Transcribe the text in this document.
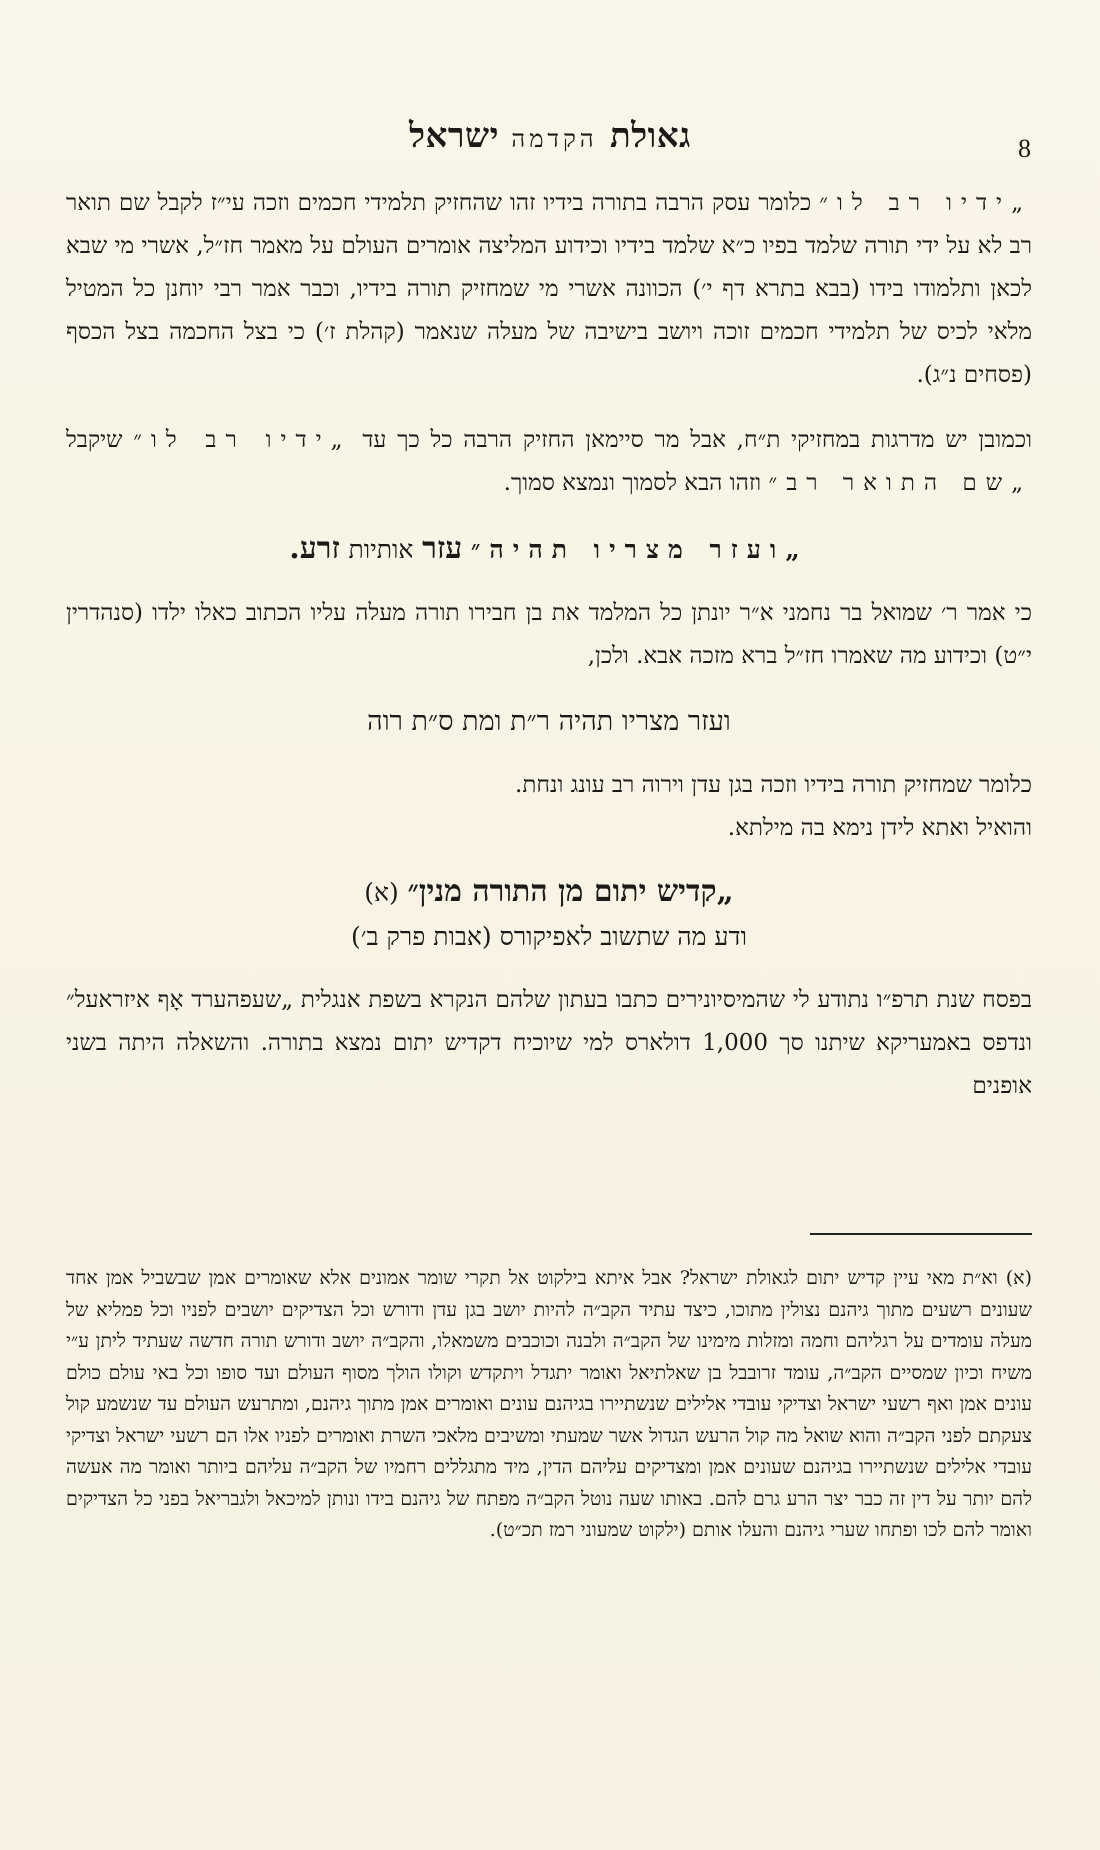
גאולת הקדמה ישראל	8

„ידיו רב לו״ כלומר עסק הרבה בתורה בידיו זהו שהחזיק תלמידי חכמים וזכה עי״ז לקבל שם תואר רב לא על ידי תורה שלמד בפיו כ״א שלמד בידיו וכידוע המליצה אומרים העולם על מאמר חז״ל, אשרי מי שבא לכאן ותלמודו בידו (בבא בתרא דף י׳) הכוונה אשרי מי שמחזיק תורה בידיו, וכבר אמר רבי יוחנן כל המטיל מלאי לכיס של תלמידי חכמים זוכה ויושב בישיבה של מעלה שנאמר (קהלת ז׳) כי בצל החכמה בצל הכסף (פסחים נ״ג).

וכמובן יש מדרגות במחזיקי ת״ח, אבל מר סיימאן החזיק הרבה כל כך עד „ידיו רב לו״ שיקבל „שם התואר רב״ וזהו הבא לסמוך ונמצא סמוך.

„ועזר מצריו תהיה״ עזר אותיות זרע.

כי אמר ר׳ שמואל בר נחמני א״ר יונתן כל המלמד את בן חבירו תורה מעלה עליו הכתוב כאלו ילדו (סנהדרין י״ט) וכידוע מה שאמרו חז״ל ברא מזכה אבא. ולכן,

ועזר מצריו תהיה ר״ת ומת ס״ת רוה
כלומר שמחזיק תורה בידיו וזכה בגן עדן וירוה רב עונג ונחת.
והואיל ואתא לידן נימא בה מילתא.
„קדיש יתום מן התורה מנין״ (א)
ודע מה שתשוב לאפיקורס (אבות פרק ב׳)

בפסח שנת תרפ״ו נתודע לי שהמיסיונירים כתבו בעתון שלהם הנקרא בשפת אנגלית „שעפהערד אָף איזראעל״ ונדפס באמעריקא שיתנו סך 1,000 דולארס למי שיוכיח דקדיש יתום נמצא בתורה. והשאלה היתה בשני אופנים

(א) וא״ת מאי עיין קדיש יתום לגאולת ישראל? אבל איתא בילקוט אל תקרי שומר אמונים אלא שאומרים אמן שבשביל אמן אחד שעונים רשעים מתוך גיהנם נצולין מתוכו, כיצד עתיד הקב״ה להיות יושב בגן עדן ודורש וכל הצדיקים יושבים לפניו וכל פמליא של מעלה עומדים על רגליהם וחמה ומזלות מימינו של הקב״ה ולבנה וכוכבים משמאלו, והקב״ה יושב ודורש תורה חדשה שעתיד ליתן ע״י משיח וכיון שמסיים הקב״ה, עומד זרובבל בן שאלתיאל ואומר יתגדל ויתקדש וקולו הולך מסוף העולם ועד סופו וכל באי עולם כולם עונים אמן ואף רשעי ישראל וצדיקי עובדי אלילים שנשתיירו בגיהנם עונים ואומרים אמן מתוך גיהנם, ומתרעש העולם עד שנשמע קול צעקתם לפני הקב״ה והוא שואל מה קול הרעש הגדול אשר שמעתי ומשיבים מלאכי השרת ואומרים לפניו אלו הם רשעי ישראל וצדיקי עובדי אלילים שנשתיירו בגיהנם שעונים אמן ומצדיקים עליהם הדין, מיד מתגללים רחמיו של הקב״ה עליהם ביותר ואומר מה אעשה להם יותר על דין זה כבר יצר הרע גרם להם. באותו שעה נוטל הקב״ה מפתח של גיהנם בידו ונותן למיכאל ולגבריאל בפני כל הצדיקים ואומר להם לכו ופתחו שערי גיהנם והעלו אותם (ילקוט שמעוני רמז תכ״ט).
